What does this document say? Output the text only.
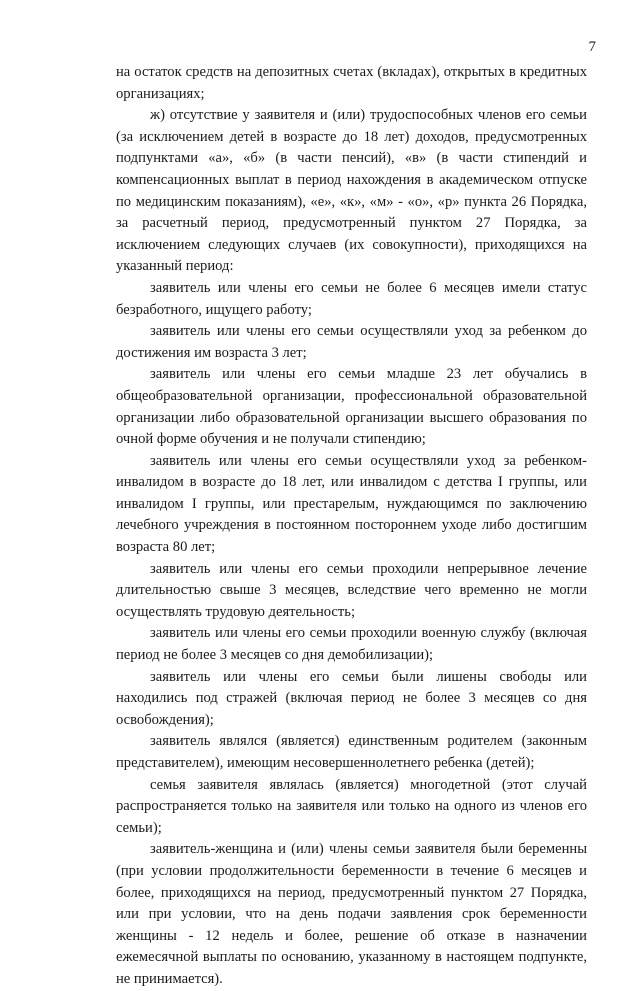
7

на остаток средств на депозитных счетах (вкладах), открытых в кредитных организациях;

ж) отсутствие у заявителя и (или) трудоспособных членов его семьи (за исключением детей в возрасте до 18 лет) доходов, предусмотренных подпунктами «а», «б» (в части пенсий), «в» (в части стипендий и компенсационных выплат в период нахождения в академическом отпуске по медицинским показаниям), «е», «к», «м» - «о», «р» пункта 26 Порядка, за расчетный период, предусмотренный пунктом 27 Порядка, за исключением следующих случаев (их совокупности), приходящихся на указанный период:

заявитель или члены его семьи не более 6 месяцев имели статус безработного, ищущего работу;

заявитель или члены его семьи осуществляли уход за ребенком до достижения им возраста 3 лет;

заявитель или члены его семьи младше 23 лет обучались в общеобразовательной организации, профессиональной образовательной организации либо образовательной организации высшего образования по очной форме обучения и не получали стипендию;

заявитель или члены его семьи осуществляли уход за ребенком-инвалидом в возрасте до 18 лет, или инвалидом с детства I группы, или инвалидом I группы, или престарелым, нуждающимся по заключению лечебного учреждения в постоянном постороннем уходе либо достигшим возраста 80 лет;

заявитель или члены его семьи проходили непрерывное лечение длительностью свыше 3 месяцев, вследствие чего временно не могли осуществлять трудовую деятельность;

заявитель или члены его семьи проходили военную службу (включая период не более 3 месяцев со дня демобилизации);

заявитель или члены его семьи были лишены свободы или находились под стражей (включая период не более 3 месяцев со дня освобождения);

заявитель являлся (является) единственным родителем (законным представителем), имеющим несовершеннолетнего ребенка (детей);

семья заявителя являлась (является) многодетной (этот случай распространяется только на заявителя или только на одного из членов его семьи);

заявитель-женщина и (или) члены семьи заявителя были беременны (при условии продолжительности беременности в течение 6 месяцев и более, приходящихся на период, предусмотренный пунктом 27 Порядка, или при условии, что на день подачи заявления срок беременности женщины - 12 недель и более, решение об отказе в назначении ежемесячной выплаты по основанию, указанному в настоящем подпункте, не принимается).
